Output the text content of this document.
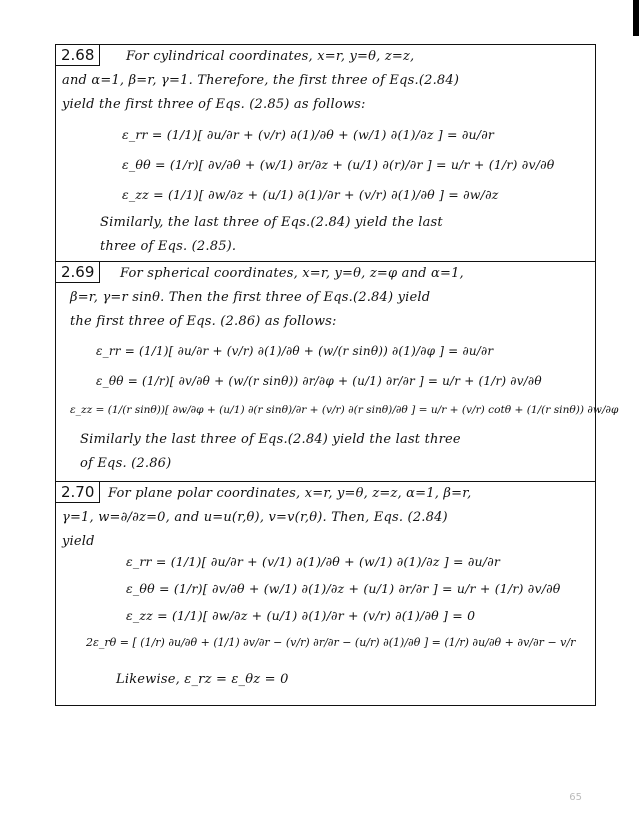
2.68	For cylindrical coordinates, x=r, y=θ, z=z,
and α=1, β=r, γ=1. Therefore, the first three of Eqs.(2.84)
yield the first three of Eqs. (2.85) as follows:
ε_rr = (1/1)[ ∂u/∂r + (v/r) ∂(1)/∂θ + (w/1) ∂(1)/∂z ] = ∂u/∂r
ε_θθ = (1/r)[ ∂v/∂θ + (w/1) ∂r/∂z + (u/1) ∂(r)/∂r ] = u/r + (1/r) ∂v/∂θ
ε_zz = (1/1)[ ∂w/∂z + (u/1) ∂(1)/∂r + (v/r) ∂(1)/∂θ ] = ∂w/∂z
Similarly, the last three of Eqs.(2.84) yield the last
three of Eqs. (2.85).
2.69	For spherical coordinates, x=r, y=θ, z=φ and α=1,
β=r, γ=r sinθ. Then the first three of Eqs.(2.84) yield
the first three of Eqs. (2.86) as follows:
ε_rr = (1/1)[ ∂u/∂r + (v/r) ∂(1)/∂θ + (w/(r sinθ)) ∂(1)/∂φ ] = ∂u/∂r
ε_θθ = (1/r)[ ∂v/∂θ + (w/(r sinθ)) ∂r/∂φ + (u/1) ∂r/∂r ] = u/r + (1/r) ∂v/∂θ
ε_zz = (1/(r sinθ))[ ∂w/∂φ + (u/1) ∂(r sinθ)/∂r + (v/r) ∂(r sinθ)/∂θ ] = u/r + (v/r) cotθ + (1/(r sinθ)) ∂w/∂φ
Similarly the last three of Eqs.(2.84) yield the last three
of Eqs. (2.86)
2.70	For plane polar coordinates, x=r, y=θ, z=z, α=1, β=r,
γ=1, w=∂/∂z=0, and u=u(r,θ), v=v(r,θ). Then, Eqs. (2.84)
yield
ε_rr = (1/1)[ ∂u/∂r + (v/1) ∂(1)/∂θ + (w/1) ∂(1)/∂z ] = ∂u/∂r
ε_θθ = (1/r)[ ∂v/∂θ + (w/1) ∂(1)/∂z + (u/1) ∂r/∂r ] = u/r + (1/r) ∂v/∂θ
ε_zz = (1/1)[ ∂w/∂z + (u/1) ∂(1)/∂r + (v/r) ∂(1)/∂θ ] = 0
2ε_rθ = [ (1/r) ∂u/∂θ + (1/1) ∂v/∂r − (v/r) ∂r/∂r − (u/r) ∂(1)/∂θ ] = (1/r) ∂u/∂θ + ∂v/∂r − v/r
Likewise, ε_rz = ε_θz = 0
65
